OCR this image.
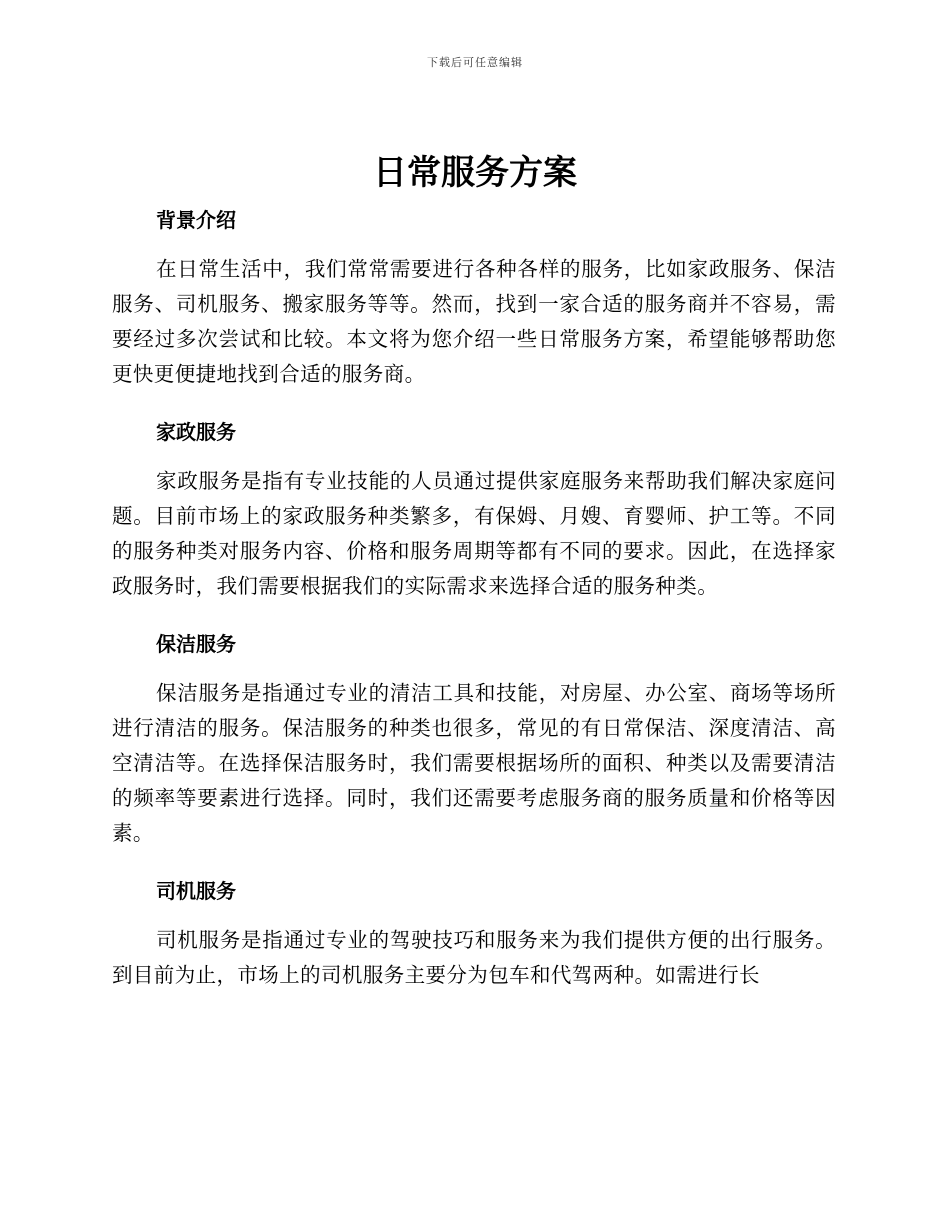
下载后可任意编辑
日常服务方案
背景介绍

在日常生活中，我们常常需要进行各种各样的服务，比如家政服务、保洁服务、司机服务、搬家服务等等。然而，找到一家合适的服务商并不容易，需要经过多次尝试和比较。本文将为您介绍一些日常服务方案，希望能够帮助您更快更便捷地找到合适的服务商。

家政服务

家政服务是指有专业技能的人员通过提供家庭服务来帮助我们解决家庭问题。目前市场上的家政服务种类繁多，有保姆、月嫂、育婴师、护工等。不同的服务种类对服务内容、价格和服务周期等都有不同的要求。因此，在选择家政服务时，我们需要根据我们的实际需求来选择合适的服务种类。

保洁服务

保洁服务是指通过专业的清洁工具和技能，对房屋、办公室、商场等场所进行清洁的服务。保洁服务的种类也很多，常见的有日常保洁、深度清洁、高空清洁等。在选择保洁服务时，我们需要根据场所的面积、种类以及需要清洁的频率等要素进行选择。同时，我们还需要考虑服务商的服务质量和价格等因素。

司机服务

司机服务是指通过专业的驾驶技巧和服务来为我们提供方便的出行服务。到目前为止，市场上的司机服务主要分为包车和代驾两种。如需进行长
